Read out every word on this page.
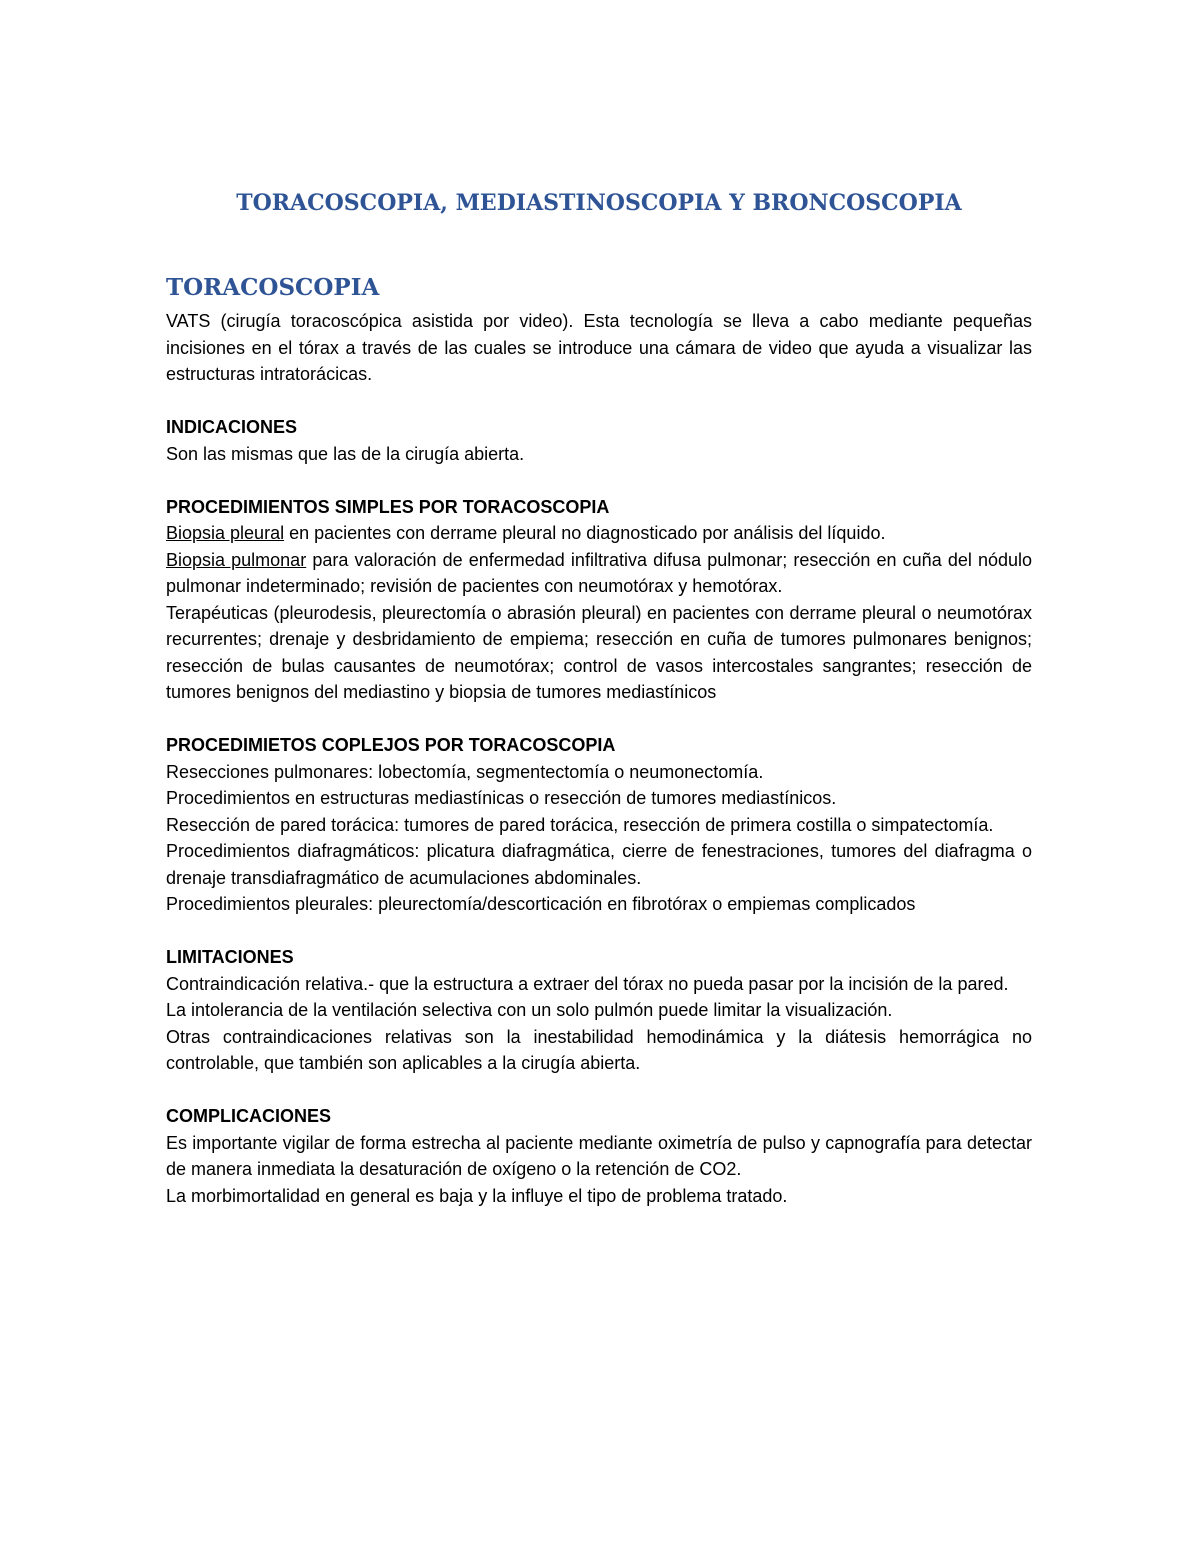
TORACOSCOPIA, MEDIASTINOSCOPIA Y BRONCOSCOPIA
TORACOSCOPIA

VATS (cirugía toracoscópica asistida por video). Esta tecnología se lleva a cabo mediante pequeñas incisiones en el tórax a través de las cuales se introduce una cámara de video que ayuda a visualizar las estructuras intratorácicas.

INDICACIONES

Son las mismas que las de la cirugía abierta.

PROCEDIMIENTOS SIMPLES POR TORACOSCOPIA

Biopsia pleural en pacientes con derrame pleural no diagnosticado por análisis del líquido.

Biopsia pulmonar para valoración de enfermedad infiltrativa difusa pulmonar; resección en cuña del nódulo pulmonar indeterminado; revisión de pacientes con neumotórax y hemotórax.

Terapéuticas (pleurodesis, pleurectomía o abrasión pleural) en pacientes con derrame pleural o neumotórax recurrentes; drenaje y desbridamiento de empiema; resección en cuña de tumores pulmonares benignos; resección de bulas causantes de neumotórax; control de vasos intercostales sangrantes; resección de tumores benignos del mediastino y biopsia de tumores mediastínicos

PROCEDIMIETOS COPLEJOS POR TORACOSCOPIA

Resecciones pulmonares: lobectomía, segmentectomía o neumonectomía.

Procedimientos en estructuras mediastínicas o resección de tumores mediastínicos.

Resección de pared torácica: tumores de pared torácica, resección de primera costilla o simpatectomía.

Procedimientos diafragmáticos: plicatura diafragmática, cierre de fenestraciones, tumores del diafragma o drenaje transdiafragmático de acumulaciones abdominales.

Procedimientos pleurales: pleurectomía/descorticación en fibrotórax o empiemas complicados

LIMITACIONES

Contraindicación relativa.- que la estructura a extraer del tórax no pueda pasar por la incisión de la pared.

La intolerancia de la ventilación selectiva con un solo pulmón puede limitar la visualización.

Otras contraindicaciones relativas son la inestabilidad hemodinámica y la diátesis hemorrágica no controlable, que también son aplicables a la cirugía abierta.

COMPLICACIONES

Es importante vigilar de forma estrecha al paciente mediante oximetría de pulso y capnografía para detectar de manera inmediata la desaturación de oxígeno o la retención de CO2.

La morbimortalidad en general es baja y la influye el tipo de problema tratado.
